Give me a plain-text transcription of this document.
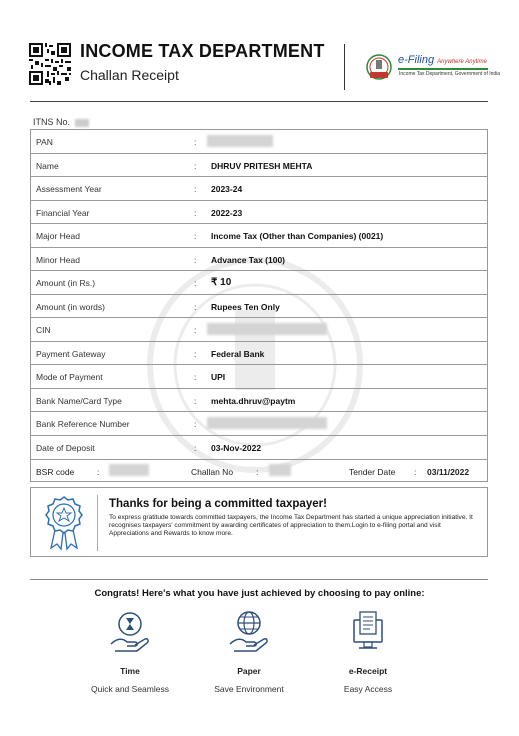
INCOME TAX DEPARTMENT
Challan Receipt
e-Filing Anywhere Anytime
Income Tax Department, Government of India
ITNS No.
PAN	:
Name	: DHRUV PRITESH MEHTA
Assessment Year	: 2023-24
Financial Year	: 2022-23
Major Head	: Income Tax (Other than Companies) (0021)
Minor Head	: Advance Tax (100)
Amount (in Rs.)	: ₹ 10
Amount (in words)	: Rupees Ten Only
CIN	:
Payment Gateway	: Federal Bank
Mode of Payment	: UPI
Bank Name/Card Type	: mehta.dhruv@paytm
Bank Reference Number	:
Date of Deposit	: 03-Nov-2022
BSR code	:	Challan No	:	Tender Date : 03/11/2022
Thanks for being a committed taxpayer!

To express gratitude towards committed taxpayers, the Income Tax Department has started a unique appreciation initiative. It recognises taxpayers' commitment by awarding certificates of appreciation to them.Login to e-filing portal and visit Appreciations and Rewards to know more.

Congrats! Here's what you have just achieved by choosing to pay online:
Time
Quick and Seamless
Paper
Save Environment
e-Receipt
Easy Access
